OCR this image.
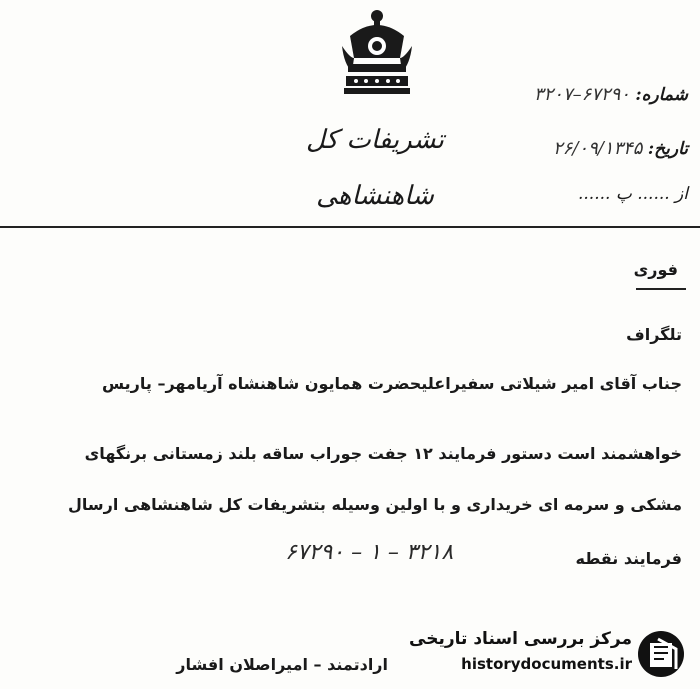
تشریفات کل شاهنشاهی
شماره: ۶۷۲۹۰–۳۲۰۷
تاریخ: ۲۶/۰۹/۱۳۴۵
از ...... پ ......
فوری
تلگراف
جناب آقای امیر شیلاتی سفیراعلیحضرت همایون شاهنشاه آریامهر– پاریس
خواهشمند است دستور فرمایند ۱۲ جفت جوراب ساقه بلند زمستانی برنگهای
مشکی و سرمه ای خریداری و با اولین وسیله بتشریفات کل شاهنشاهی ارسال
فرمایند نقطه
۶۷۲۹۰ – ۱ – ۳۲۱۸
ارادتمند – امیراصلان افشار
مرکز بررسی اسناد تاریخی
historydocuments.ir
